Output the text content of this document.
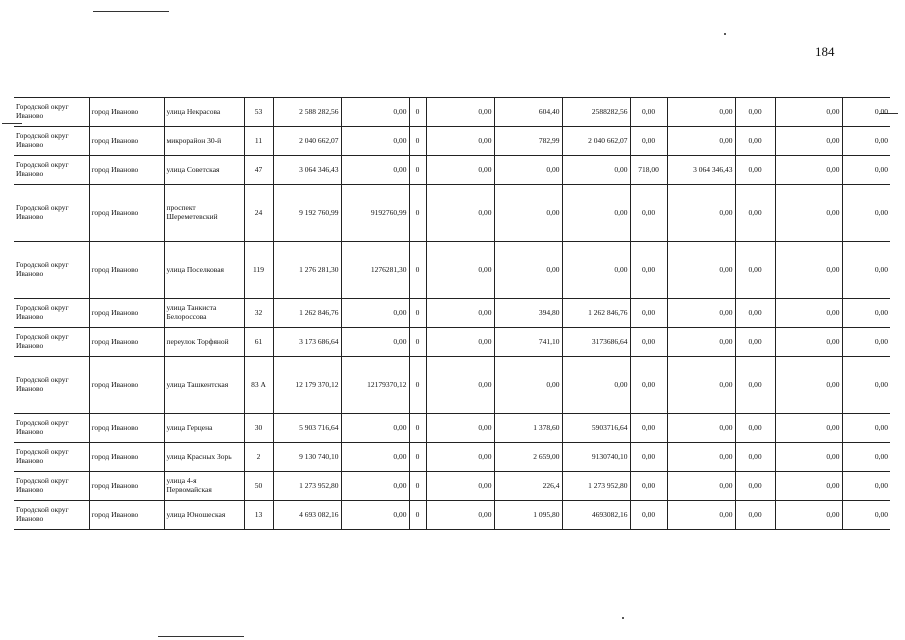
184
Городской округ Иваново	город Иваново	улица Некрасова	53	2 588 282,56	0,00	0	0,00	604,40	2588282,56	0,00	0,00	0,00	0,00	0,00
Городской округ Иваново	город Иваново	микрорайон 30-й	11	2 040 662,07	0,00	0	0,00	782,99	2 040 662,07	0,00	0,00	0,00	0,00	0,00
Городской округ Иваново	город Иваново	улица Советская	47	3 064 346,43	0,00	0	0,00	0,00	0,00	718,00	3 064 346,43	0,00	0,00	0,00
Городской округ Иваново	город Иваново	проспект Шереметевский	24	9 192 760,99	9192760,99	0	0,00	0,00	0,00	0,00	0,00	0,00	0,00	0,00
Городской округ Иваново	город Иваново	улица Поселковая	119	1 276 281,30	1276281,30	0	0,00	0,00	0,00	0,00	0,00	0,00	0,00	0,00
Городской округ Иваново	город Иваново	улица Танкиста Белороссова	32	1 262 846,76	0,00	0	0,00	394,80	1 262 846,76	0,00	0,00	0,00	0,00	0,00
Городской округ Иваново	город Иваново	переулок Торфяной	61	3 173 686,64	0,00	0	0,00	741,10	3173686,64	0,00	0,00	0,00	0,00	0,00
Городской округ Иваново	город Иваново	улица Ташкентская	83 А	12 179 370,12	12179370,12	0	0,00	0,00	0,00	0,00	0,00	0,00	0,00	0,00
Городской округ Иваново	город Иваново	улица Герцена	30	5 903 716,64	0,00	0	0,00	1 378,60	5903716,64	0,00	0,00	0,00	0,00	0,00
Городской округ Иваново	город Иваново	улица Красных Зорь	2	9 130 740,10	0,00	0	0,00	2 659,00	9130740,10	0,00	0,00	0,00	0,00	0,00
Городской округ Иваново	город Иваново	улица 4-я Первомайская	50	1 273 952,80	0,00	0	0,00	226,4	1 273 952,80	0,00	0,00	0,00	0,00	0,00
Городской округ Иваново	город Иваново	улица Юношеская	13	4 693 082,16	0,00	0	0,00	1 095,80	4693082,16	0,00	0,00	0,00	0,00	0,00
